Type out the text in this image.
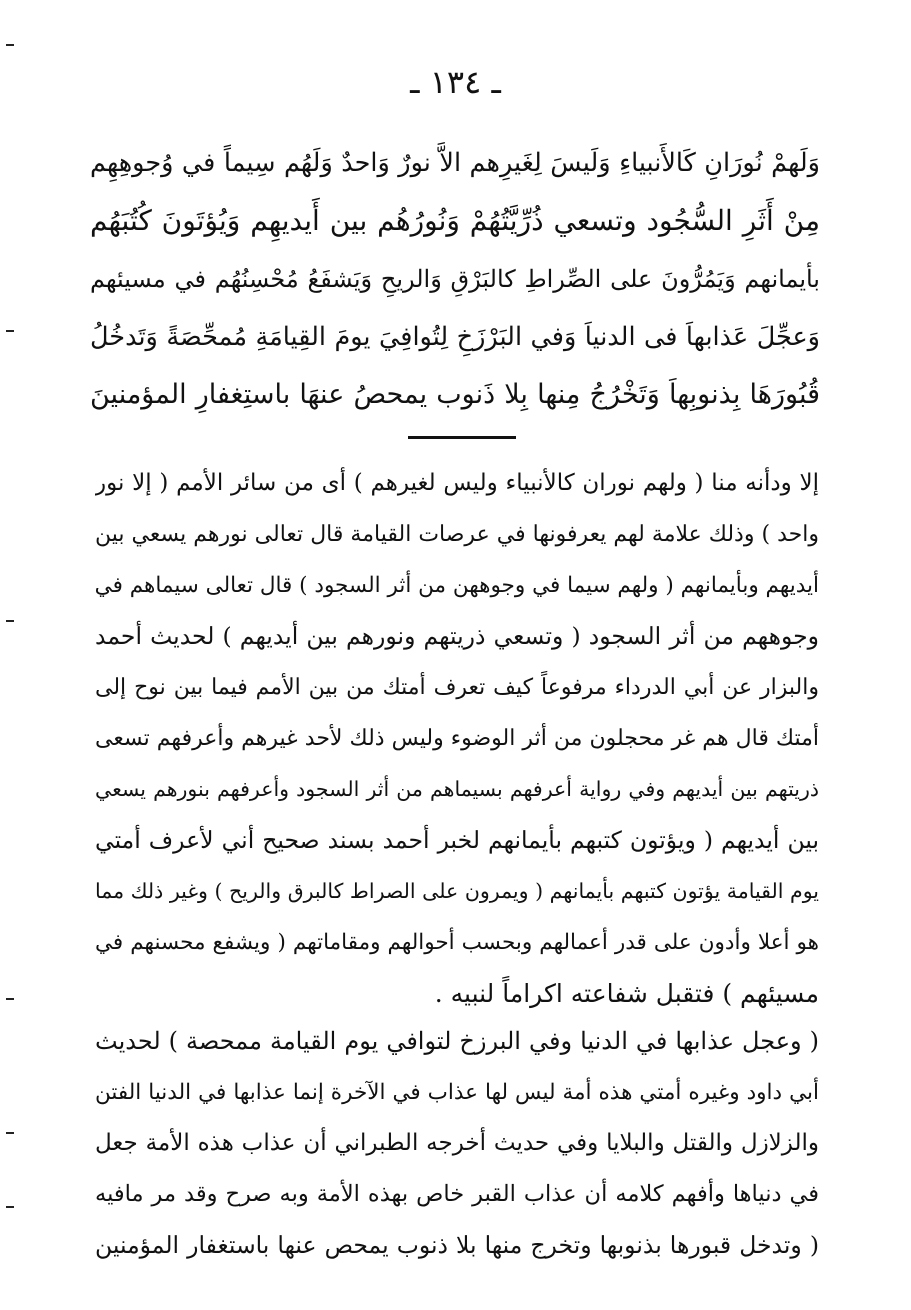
ـ ١٣٤ ـ
وَلَهمْ نُورَانِ كَالأَنبياءِ وَلَيسَ لِغَيرِهم الاَّ نورٌ وَاحدٌ وَلَهُم سِيماً في وُجوهِهِم
مِنْ أَثَرِ السُّجُود وتسعي ذُرِّيَّتُهُمْ وَنُورُهُم بين أَيديهِم وَيُؤتَونَ كُتُبَهُم
بأيمانهم وَيَمُرُّونَ على الصِّراطِ كالبَرْقِ وَالريحِ وَيَشفَعُ مُحْسِنُهُم في مسيئهم
وَعجِّلَ عَذابهاَ فى الدنياَ وَفي البَرْزَخِ لِتُوافِيَ يومَ القِيامَةِ مُمحِّصَةً وَتَدخُلُ
قُبُورَهَا بِذنوبِهاَ وَتَخْرُجُ مِنها بِلا ذَنوب يمحصُ عنهَا باستِغفارِ المؤمنينَ
إلا ودأنه منا ( ولهم نوران كالأنبياء وليس لغيرهم ) أى من سائر الأمم ( إلا نور
واحد ) وذلك علامة لهم يعرفونها في عرصات القيامة قال تعالى نورهم يسعي بين
أيديهم وبأيمانهم ( ولهم سيما في وجوههن من أثر السجود ) قال تعالى سيماهم في
وجوههم من أثر السجود ( وتسعي ذريتهم ونورهم بين أيديهم ) لحديث أحمد
والبزار عن أبي الدرداء مرفوعاً كيف تعرف أمتك من بين الأمم فيما بين نوح إلى
أمتك قال هم غر محجلون من أثر الوضوء وليس ذلك لأحد غيرهم وأعرفهم تسعى
ذريتهم بين أيديهم وفي رواية أعرفهم بسيماهم من أثر السجود وأعرفهم بنورهم يسعي
بين أيديهم ( ويؤتون كتبهم بأيمانهم لخبر أحمد بسند صحيح أني لأعرف أمتي
يوم القيامة يؤتون كتبهم بأيمانهم ( ويمرون على الصراط كالبرق والريح ) وغير ذلك مما
هو أعلا وأدون على قدر أعمالهم وبحسب أحوالهم ومقاماتهم ( ويشفع محسنهم في
مسيئهم ) فتقبل شفاعته اكراماً لنبيه .
( وعجل عذابها في الدنيا وفي البرزخ لتوافي يوم القيامة ممحصة ) لحديث
أبي داود وغيره أمتي هذه أمة ليس لها عذاب في الآخرة إنما عذابها في الدنيا الفتن
والزلازل والقتل والبلايا وفي حديث أخرجه الطبراني أن عذاب هذه الأمة جعل
في دنياها وأفهم كلامه أن عذاب القبر خاص بهذه الأمة وبه صرح وقد مر مافيه
( وتدخل قبورها بذنوبها وتخرج منها بلا ذنوب يمحص عنها باستغفار المؤمنين
